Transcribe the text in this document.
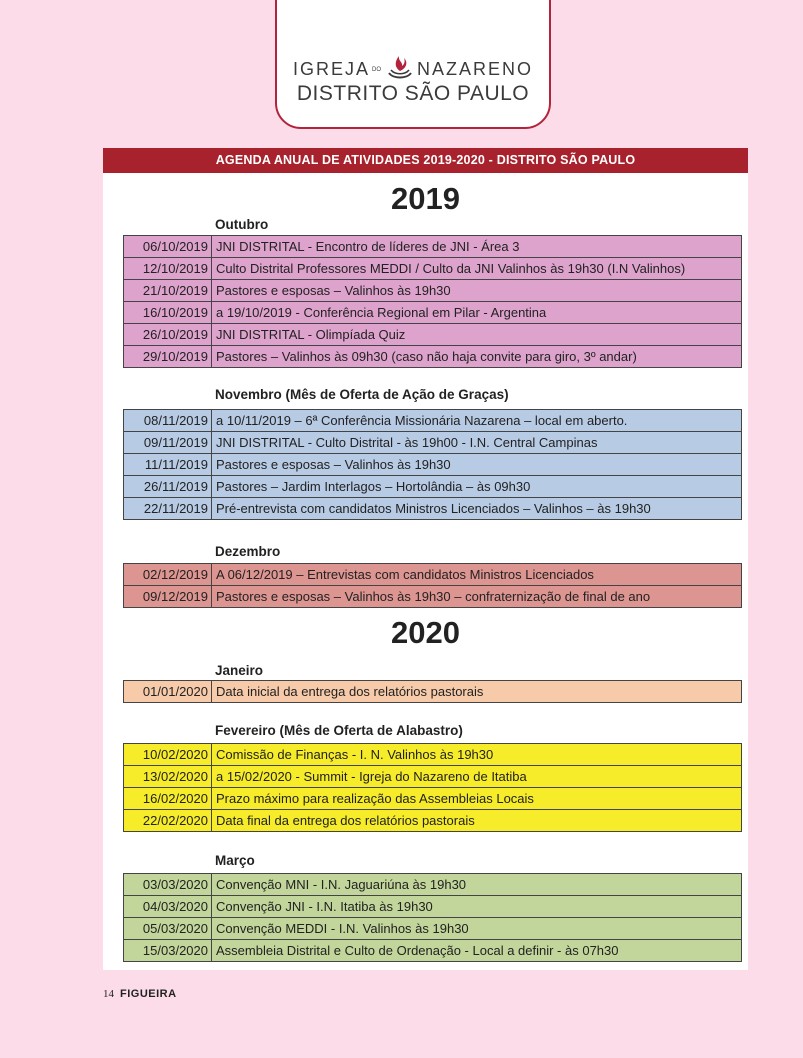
IGREJA DO NAZARENO
DISTRITO SÃO PAULO
AGENDA ANUAL DE ATIVIDADES 2019-2020 - DISTRITO SÃO PAULO
2019
Outubro
06/10/2019 JNI DISTRITAL - Encontro de líderes de JNI - Área 3
12/10/2019 Culto Distrital Professores MEDDI / Culto da JNI Valinhos às 19h30 (I.N Valinhos)
21/10/2019 Pastores e esposas – Valinhos às 19h30
16/10/2019 a 19/10/2019 - Conferência Regional em Pilar - Argentina
26/10/2019 JNI DISTRITAL - Olimpíada Quiz
29/10/2019 Pastores – Valinhos às 09h30 (caso não haja convite para giro, 3º andar)
Novembro (Mês de Oferta de Ação de Graças)
08/11/2019 a 10/11/2019 – 6ª Conferência Missionária Nazarena – local em aberto.
09/11/2019 JNI DISTRITAL - Culto Distrital - às 19h00 - I.N. Central Campinas
11/11/2019 Pastores e esposas – Valinhos às 19h30
26/11/2019 Pastores – Jardim Interlagos – Hortolândia – às 09h30
22/11/2019 Pré-entrevista com candidatos Ministros Licenciados – Valinhos – às 19h30
Dezembro
02/12/2019 A 06/12/2019 – Entrevistas com candidatos Ministros Licenciados
09/12/2019 Pastores e esposas – Valinhos às 19h30 – confraternização de final de ano
2020
Janeiro
01/01/2020 Data inicial da entrega dos relatórios pastorais
Fevereiro (Mês de Oferta de Alabastro)
10/02/2020 Comissão de Finanças - I. N. Valinhos às 19h30
13/02/2020 a 15/02/2020 - Summit - Igreja do Nazareno de Itatiba
16/02/2020 Prazo máximo para realização das Assembleias Locais
22/02/2020 Data final da entrega dos relatórios pastorais
Março
03/03/2020 Convenção MNI - I.N. Jaguariúna às 19h30
04/03/2020 Convenção JNI - I.N. Itatiba às 19h30
05/03/2020 Convenção MEDDI - I.N. Valinhos às 19h30
15/03/2020 Assembleia Distrital e Culto de Ordenação - Local a definir - às 07h30
14 FIGUEIRA
